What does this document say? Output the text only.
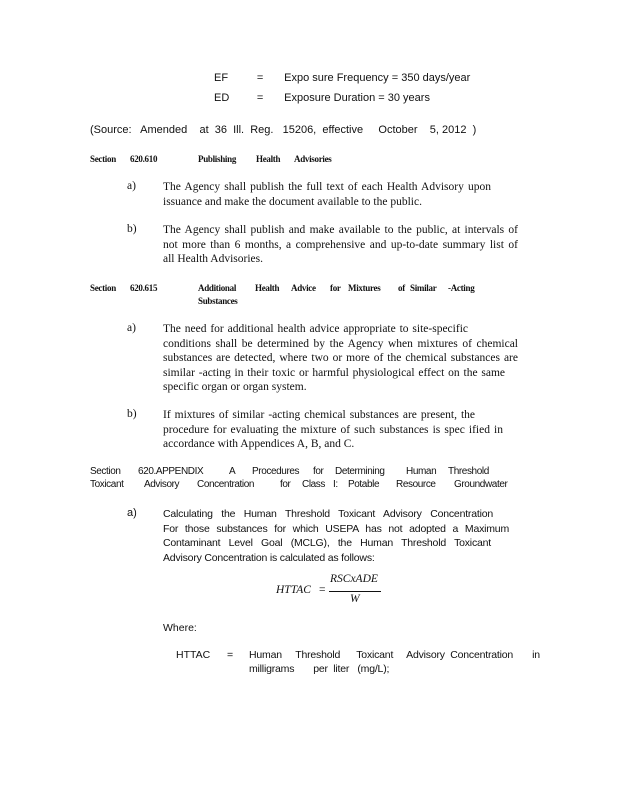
EF	= Expo sure Frequency = 350 days/year
ED	= Exposure Duration = 30 years
(Source:   Amended    at  36  Ill.  Reg.   15206,  effective     October    5, 2012  )
Section 620.610	Publishing Health Advisories
a) The Agency shall publish the full text of each Health Advisory upon
issuance and make the document available to the public.
b) The Agency shall publish and make available to the public, at intervals of
not more than 6 months, a comprehensive and up-to-date summary list of
all Health Advisories.
Section 620.615	Additional Health Advice for Mixtures of Similar -Acting
Substances
a) The need for additional health advice appropriate to site-specific
conditions shall be determined by the Agency when mixtures of chemical
substances are detected, where two or more of the chemical substances are
similar -acting in their toxic or harmful physiological effect on the same
specific organ or organ system.
b) If mixtures of similar -acting chemical substances are present, the
procedure for evaluating the mixture of such substances is spec ified in
accordance with Appendices A, B, and C.
Section 620.APPENDIX	A Procedures for Determining Human Threshold
Toxicant Advisory Concentration	for Class I: Potable Resource Groundwater
a) Calculating the Human Threshold Toxicant Advisory Concentration
For those substances for which USEPA has not adopted a Maximum
Contaminant Level Goal (MCLG), the Human Threshold Toxicant
Advisory Concentration is calculated as follows:
HTTAC =
RSCxADE
W
Where:
HTTAC = Human     Threshold      Toxicant     Advisory  Concentration       in
milligrams       per  liter   (mg/L);
